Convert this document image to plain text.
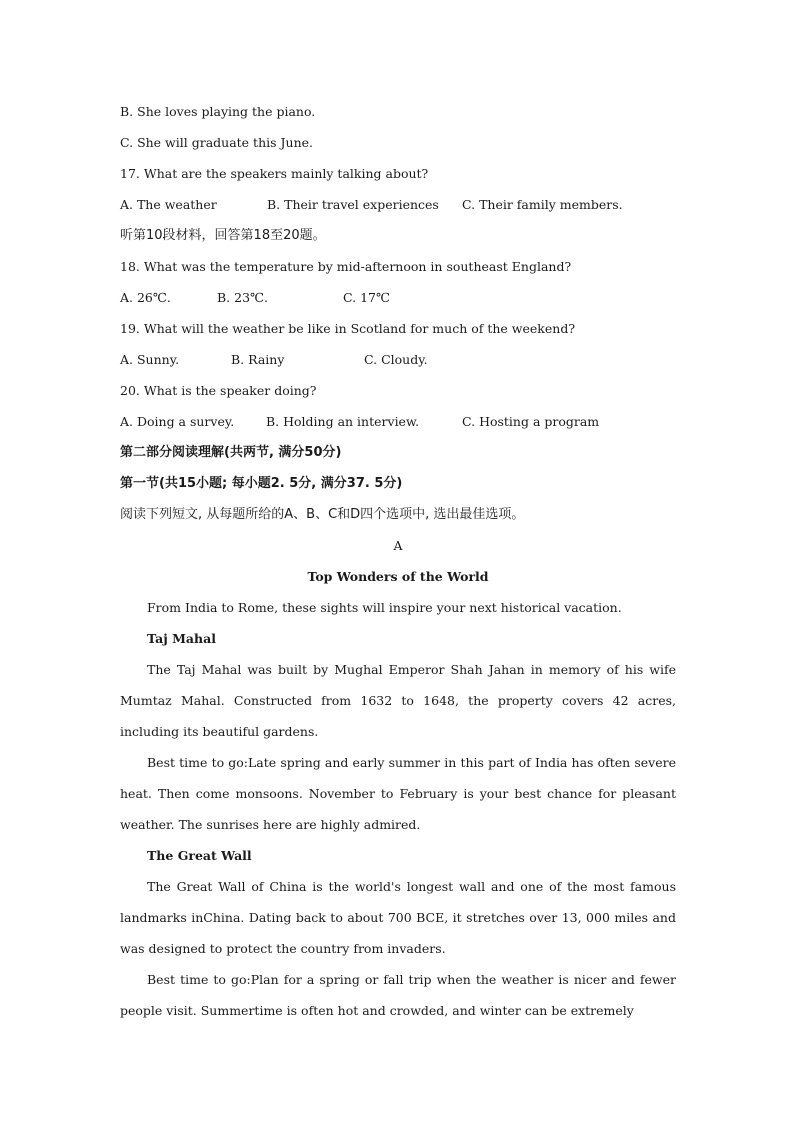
B. She loves playing the piano.
C. She will graduate this June.
17. What are the speakers mainly talking about?
A. The weather	B. Their travel experiences C. Their family members.
听第10段材料，回答第18至20题。
18. What was the temperature by mid-afternoon in southeast England?
A. 26℃.	B. 23℃.	C. 17℃
19. What will the weather be like in Scotland for much of the weekend?
A. Sunny.	B. Rainy	C. Cloudy.
20. What is the speaker doing?
A. Doing a survey.	B. Holding an interview.	C. Hosting a program
第二部分阅读理解(共两节, 满分50分)
第一节(共15小题; 每小题2. 5分, 满分37. 5分)
阅读下列短文, 从每题所给的A、B、C和D四个选项中, 选出最佳选项。
A
Top Wonders of the World
From India to Rome, these sights will inspire your next historical vacation.
Taj Mahal

The Taj Mahal was built by Mughal Emperor Shah Jahan in memory of his wife Mumtaz Mahal. Constructed from 1632 to 1648, the property covers 42 acres, including its beautiful gardens.

Best time to go:Late spring and early summer in this part of India has often severe heat. Then come monsoons. November to February is your best chance for pleasant weather. The sunrises here are highly admired.

The Great Wall

The Great Wall of China is the world's longest wall and one of the most famous landmarks inChina. Dating back to about 700 BCE, it stretches over 13, 000 miles and was designed to protect the country from invaders.

Best time to go:Plan for a spring or fall trip when the weather is nicer and fewer people visit. Summertime is often hot and crowded, and winter can be extremely
